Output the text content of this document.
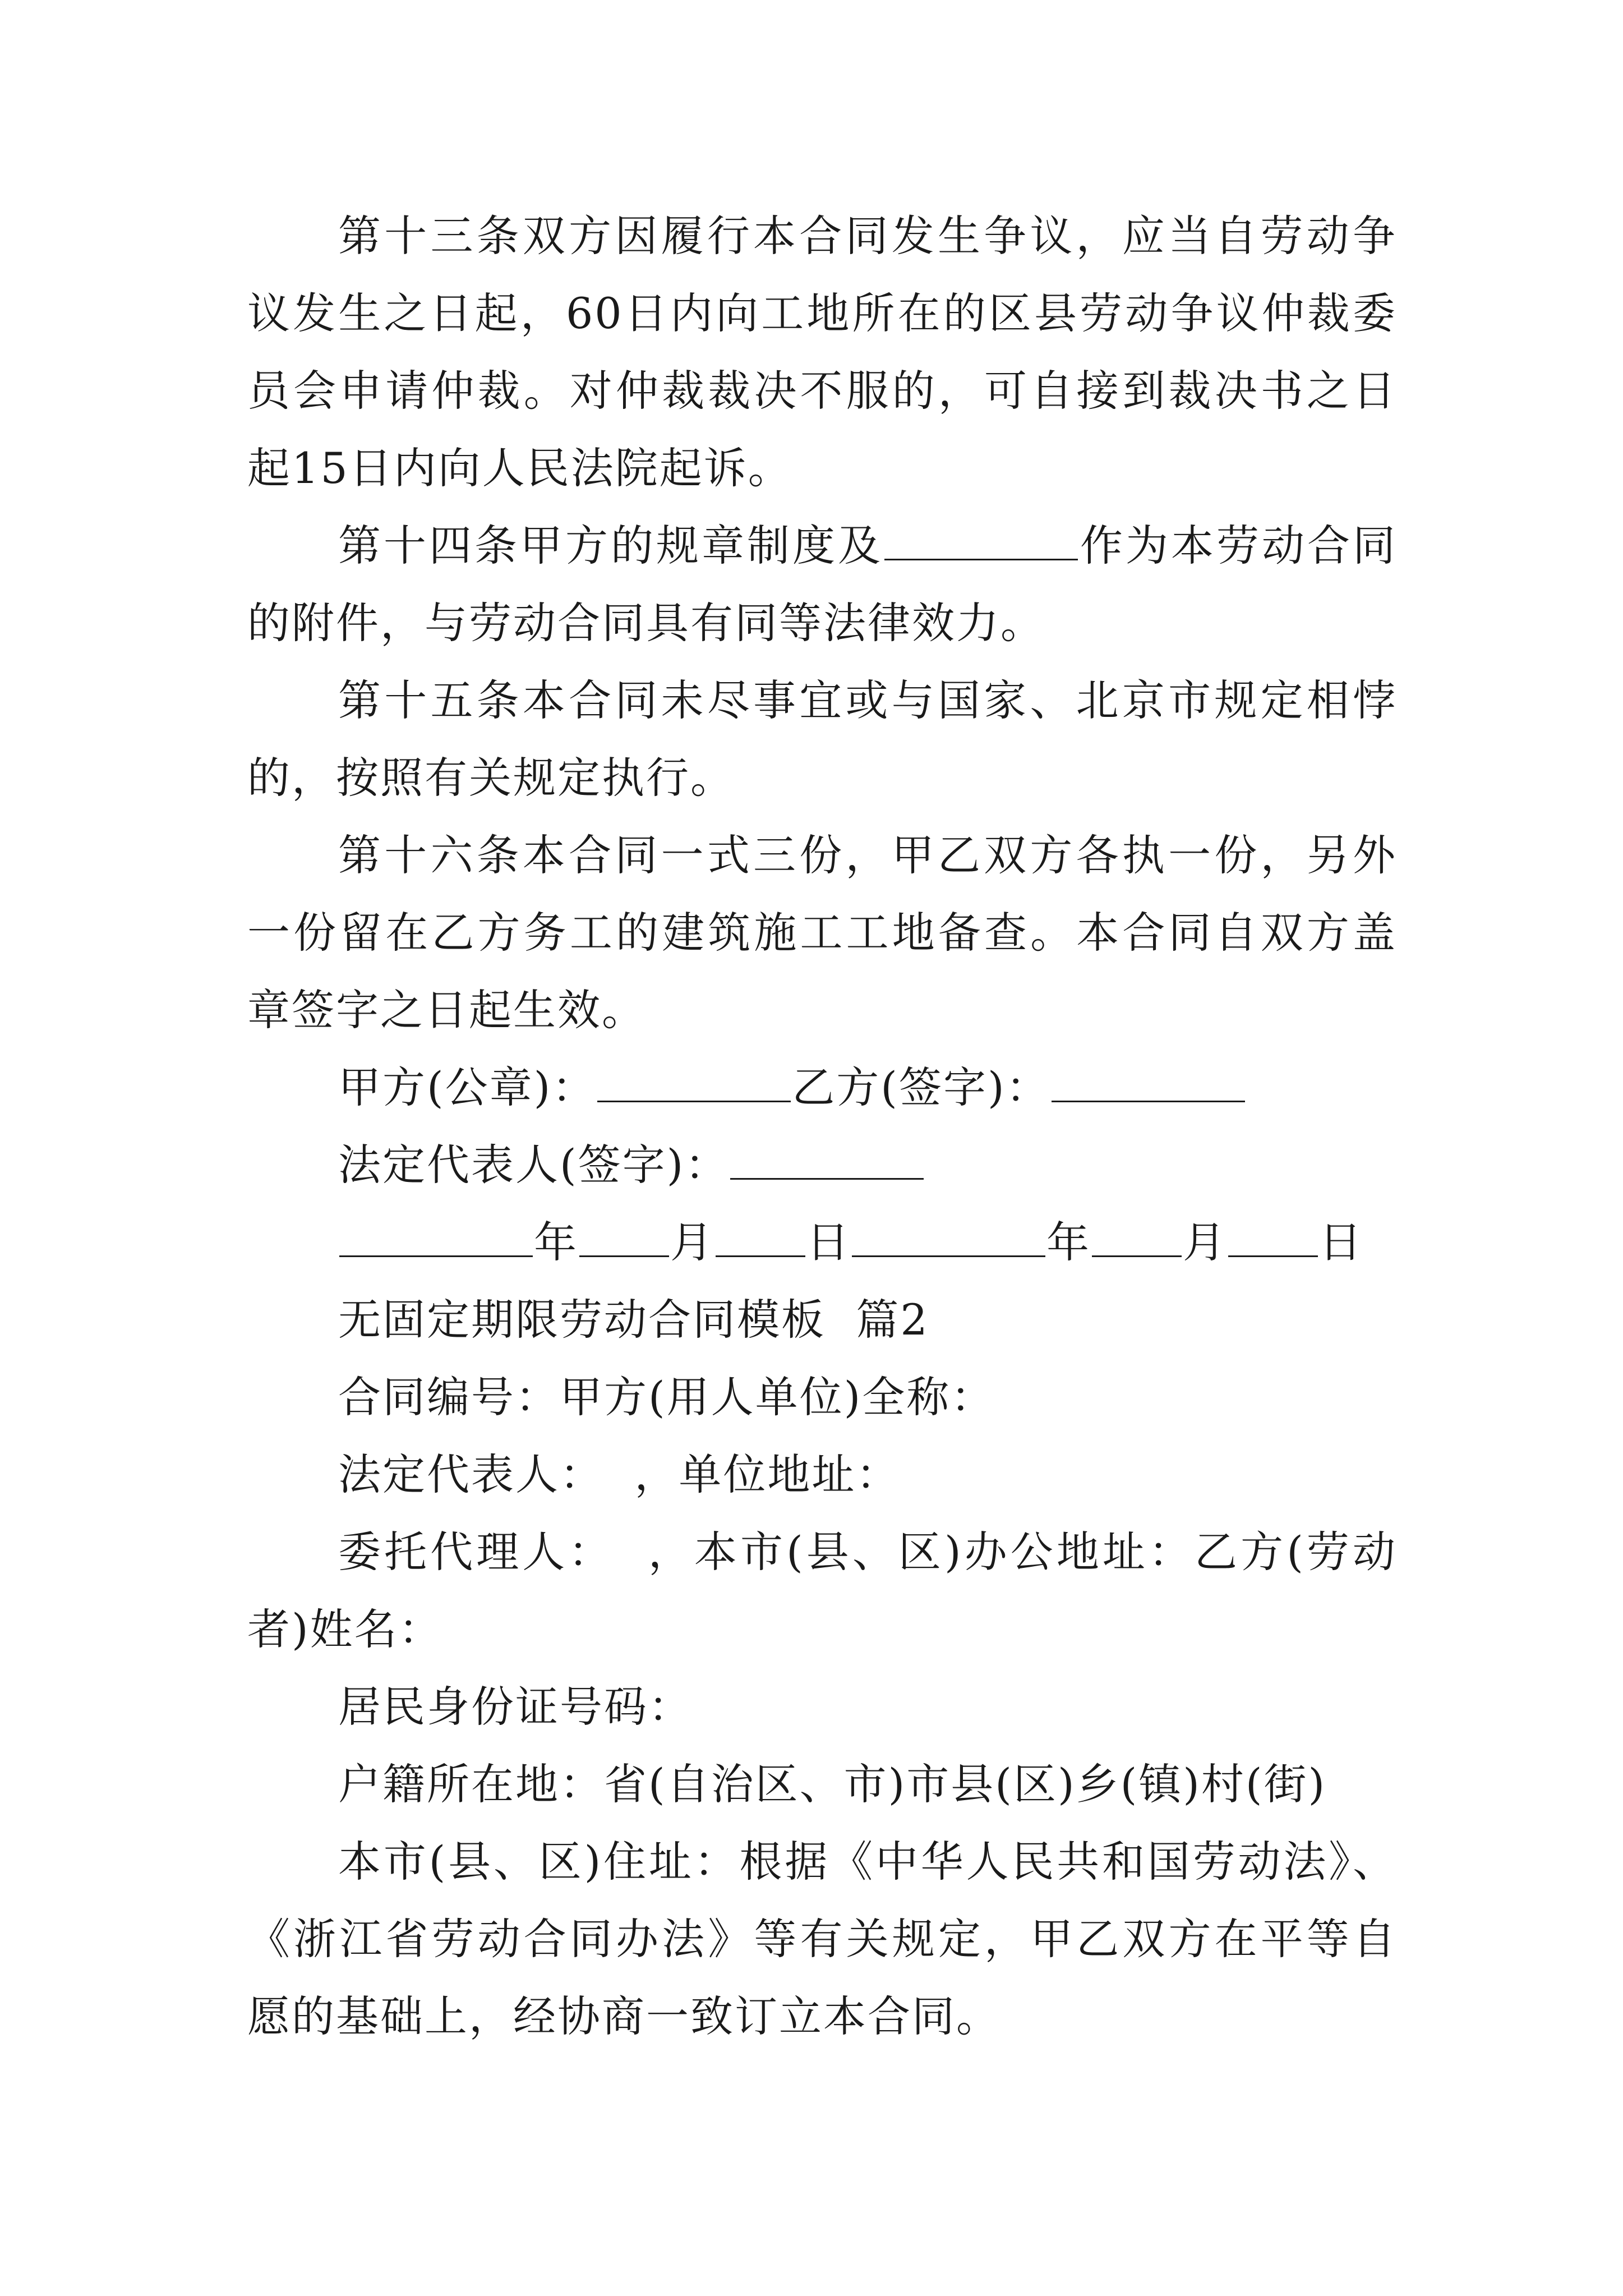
第十三条双方因履行本合同发生争议，应当自劳动争议发生之日起，60日内向工地所在的区县劳动争议仲裁委员会申请仲裁。对仲裁裁决不服的，可自接到裁决书之日起15日内向人民法院起诉。

第十四条甲方的规章制度及	作为本劳动合同的附件，与劳动合同具有同等法律效力。

第十五条本合同未尽事宜或与国家、北京市规定相悖的，按照有关规定执行。

第十六条本合同一式三份，甲乙双方各执一份，另外一份留在乙方务工的建筑施工工地备查。本合同自双方盖章签字之日起生效。

甲方(公章)：	乙方(签字)：

法定代表人(签字)：

年 月 日	年 月 日

无固定期限劳动合同模板  篇2

合同编号：甲方(用人单位)全称：

法定代表人：  ，单位地址：

委托代理人：  ，本市(县、区)办公地址：乙方(劳动者)姓名：

居民身份证号码：

户籍所在地：省(自治区、市)市县(区)乡(镇)村(街)

本市(县、区)住址：根据《中华人民共和国劳动法》、《浙江省劳动合同办法》等有关规定，甲乙双方在平等自愿的基础上，经协商一致订立本合同。
